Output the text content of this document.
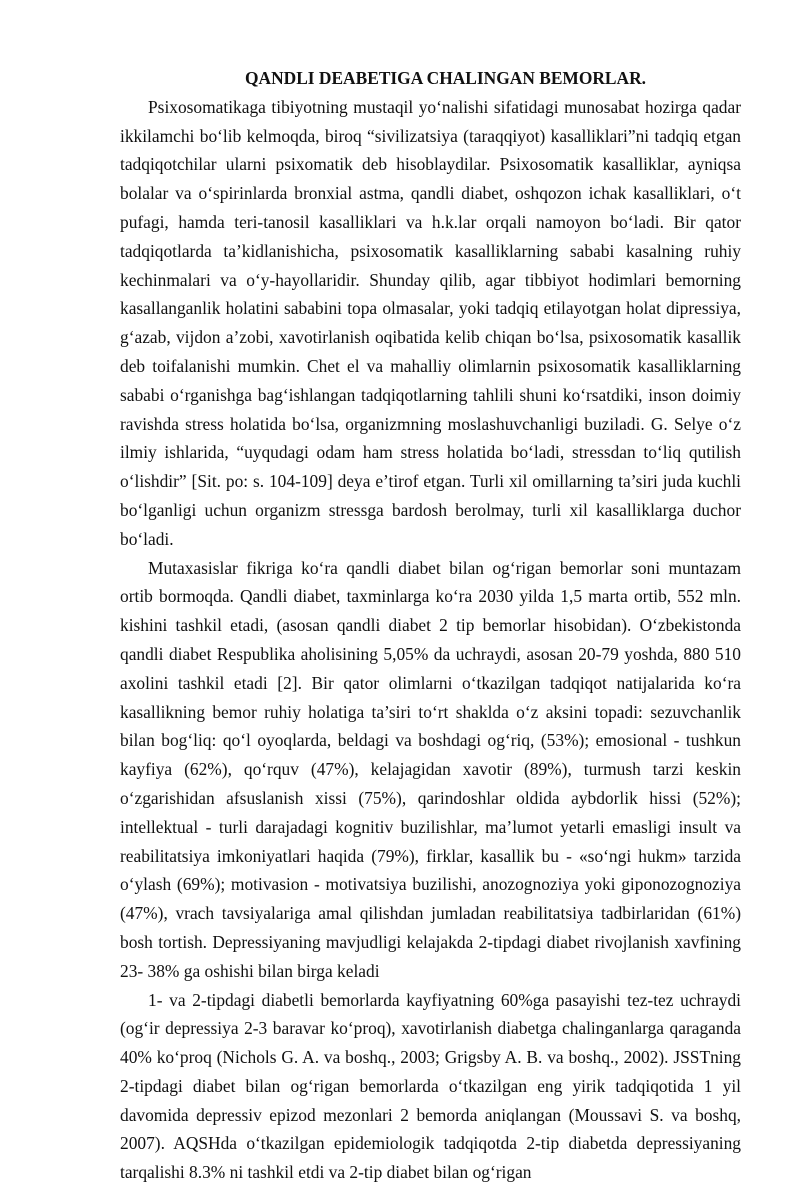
QANDLI DEABETIGA CHALINGAN BEMORLAR.

Psixosomatikaga tibiyotning mustaqil yo‘nalishi sifatidagi munosabat hozirga qadar ikkilamchi bo‘lib kelmoqda, biroq “sivilizatsiya (taraqqiyot) kasalliklari”ni tadqiq etgan tadqiqotchilar ularni psixomatik deb hisoblaydilar. Psixosomatik kasalliklar, ayniqsa bolalar va o‘spirinlarda bronxial astma, qandli diabet, oshqozon ichak kasalliklari, o‘t pufagi, hamda teri-tanosil kasalliklari va h.k.lar orqali namoyon bo‘ladi. Bir qator tadqiqotlarda ta’kidlanishicha, psixosomatik kasalliklarning sababi kasalning ruhiy kechinmalari va o‘y-hayollaridir. Shunday qilib, agar tibbiyot hodimlari bemorning kasallanganlik holatini sababini topa olmasalar, yoki tadqiq etilayotgan holat dipressiya, g‘azab, vijdon a’zobi, xavotirlanish oqibatida kelib chiqan bo‘lsa, psixosomatik kasallik deb toifalanishi mumkin. Chet el va mahalliy olimlarnin psixosomatik kasalliklarning sababi o‘rganishga bag‘ishlangan tadqiqotlarning tahlili shuni ko‘rsatdiki, inson doimiy ravishda stress holatida bo‘lsa, organizmning moslashuvchanligi buziladi. G. Selye o‘z ilmiy ishlarida, “uyqudagi odam ham stress holatida bo‘ladi, stressdan to‘liq qutilish o‘lishdir” [Sit. po: s. 104-109] deya e’tirof etgan. Turli xil omillarning ta’siri juda kuchli bo‘lganligi uchun organizm stressga bardosh berolmay, turli xil kasalliklarga duchor bo‘ladi.

Mutaxasislar fikriga ko‘ra qandli diabet bilan og‘rigan bemorlar soni muntazam ortib bormoqda. Qandli diabet, taxminlarga ko‘ra 2030 yilda 1,5 marta ortib, 552 mln. kishini tashkil etadi, (asosan qandli diabet 2 tip bemorlar hisobidan). O‘zbekistonda qandli diabet Respublika aholisining 5,05% da uchraydi, asosan 20-79 yoshda, 880 510 axolini tashkil etadi [2]. Bir qator olimlarni o‘tkazilgan tadqiqot natijalarida ko‘ra kasallikning bemor ruhiy holatiga ta’siri to‘rt shaklda o‘z aksini topadi: sezuvchanlik bilan bog‘liq: qo‘l oyoqlarda, beldagi va boshdagi og‘riq, (53%); emosional - tushkun kayfiya (62%), qo‘rquv (47%), kelajagidan xavotir (89%), turmush tarzi keskin o‘zgarishidan afsuslanish xissi (75%), qarindoshlar oldida aybdorlik hissi (52%); intellektual - turli darajadagi kognitiv buzilishlar, ma’lumot yetarli emasligi insult va reabilitatsiya imkoniyatlari haqida (79%), firklar, kasallik bu - «so‘ngi hukm» tarzida o‘ylash (69%); motivasion - motivatsiya buzilishi, anozognoziya yoki giponozognoziya (47%), vrach tavsiyalariga amal qilishdan jumladan reabilitatsiya tadbirlaridan (61%) bosh tortish. Depressiyaning mavjudligi kelajakda 2-tipdagi diabet rivojlanish xavfining 23- 38% ga oshishi bilan birga keladi

1- va 2-tipdagi diabetli bemorlarda kayfiyatning 60%ga pasayishi tez-tez uchraydi (og‘ir depressiya 2-3 baravar ko‘proq), xavotirlanish diabetga chalinganlarga qaraganda 40% ko‘proq (Nichols G. A. va boshq., 2003; Grigsby A. B. va boshq., 2002). JSSTning 2-tipdagi diabet bilan og‘rigan bemorlarda o‘tkazilgan eng yirik tadqiqotida 1 yil davomida depressiv epizod mezonlari 2 bemorda aniqlangan (Moussavi S. va boshq, 2007). AQSHda o‘tkazilgan epidemiologik tadqiqotda 2-tip diabetda depressiyaning tarqalishi 8.3% ni tashkil etdi va 2-tip diabet bilan og‘rigan
